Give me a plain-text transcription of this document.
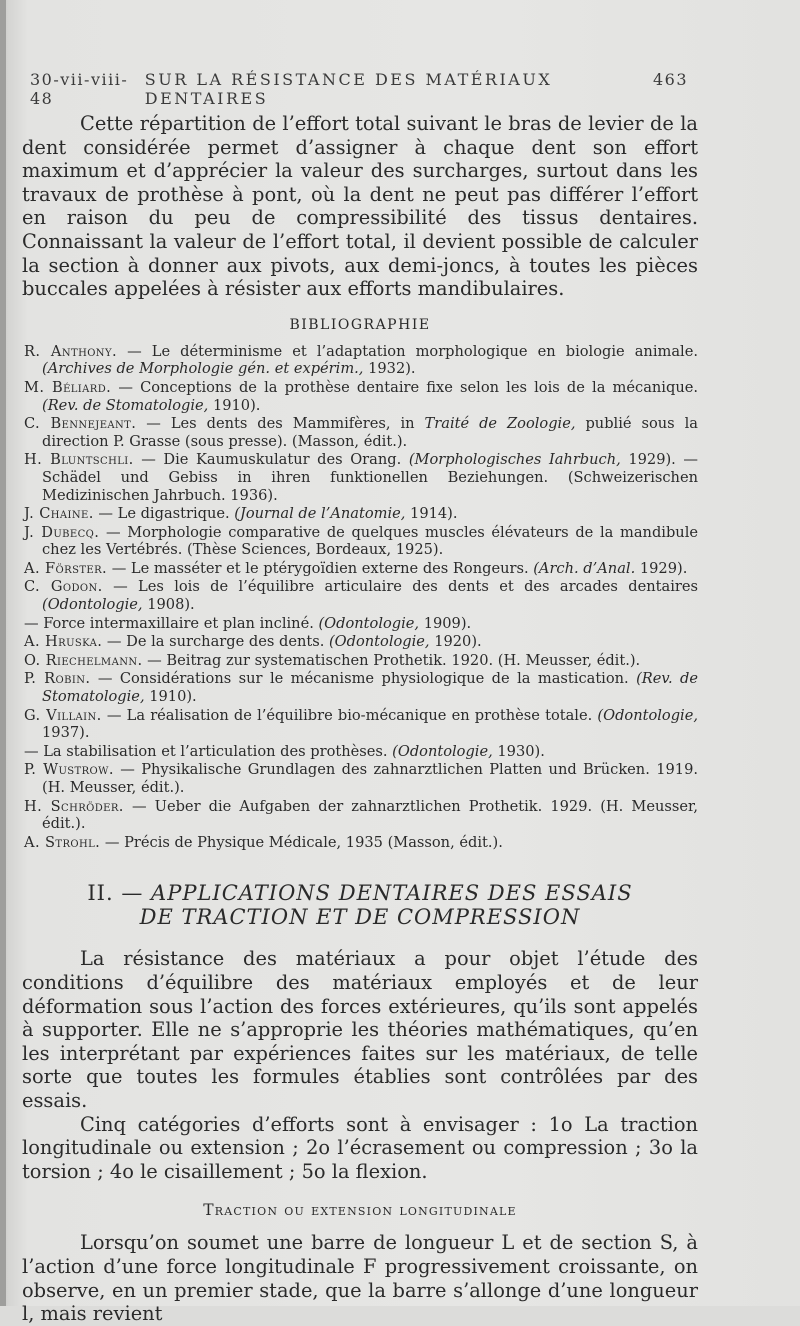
30-vii-viii-48
SUR LA RÉSISTANCE DES MATÉRIAUX DENTAIRES
463

Cette répartition de l’effort total suivant le bras de levier de la dent considérée permet d’assigner à chaque dent son effort maximum et d’apprécier la valeur des surcharges, surtout dans les travaux de prothèse à pont, où la dent ne peut pas différer l’effort en raison du peu de compressibilité des tissus dentaires. Connaissant la valeur de l’effort total, il devient possible de calculer la section à donner aux pivots, aux demi-joncs, à toutes les pièces buccales appelées à résister aux efforts mandibulaires.

BIBLIOGRAPHIE

R. Anthony. — Le déterminisme et l’adaptation morphologique en biologie animale. (Archives de Morphologie gén. et expérim., 1932).

M. Béliard. — Conceptions de la prothèse dentaire fixe selon les lois de la mécanique. (Rev. de Stomatologie, 1910).

C. Bennejeant. — Les dents des Mammifères, in Traité de Zoologie, publié sous la direction P. Grasse (sous presse). (Masson, édit.).

H. Bluntschli. — Die Kaumuskulatur des Orang. (Morphologisches Iahrbuch, 1929). — Schädel und Gebiss in ihren funktionellen Beziehungen. (Schweizerischen Medizinischen Jahrbuch. 1936).

J. Chaine. — Le digastrique. (Journal de l’Anatomie, 1914).

J. Dubecq. — Morphologie comparative de quelques muscles élévateurs de la mandibule chez les Vertébrés. (Thèse Sciences, Bordeaux, 1925).

A. Förster. — Le masséter et le ptérygoïdien externe des Rongeurs. (Arch. d’Anal. 1929).

C. Godon. — Les lois de l’équilibre articulaire des dents et des arcades dentaires (Odontologie, 1908).

— Force intermaxillaire et plan incliné. (Odontologie, 1909).

A. Hruska. — De la surcharge des dents. (Odontologie, 1920).

O. Riechelmann. — Beitrag zur systematischen Prothetik. 1920. (H. Meusser, édit.).

P. Robin. — Considérations sur le mécanisme physiologique de la mastication. (Rev. de Stomatologie, 1910).

G. Villain. — La réalisation de l’équilibre bio-mécanique en prothèse totale. (Odontologie, 1937).

— La stabilisation et l’articulation des prothèses. (Odontologie, 1930).

P. Wustrow. — Physikalische Grundlagen des zahnarztlichen Platten und Brücken. 1919. (H. Meusser, édit.).

H. Schröder. — Ueber die Aufgaben der zahnarztlichen Prothetik. 1929. (H. Meusser, édit.).

A. Strohl. — Précis de Physique Médicale, 1935 (Masson, édit.).

II. — APPLICATIONS DENTAIRES DES ESSAIS
DE TRACTION ET DE COMPRESSION

La résistance des matériaux a pour objet l’étude des conditions d’équilibre des matériaux employés et de leur déformation sous l’action des forces extérieures, qu’ils sont appelés à supporter. Elle ne s’approprie les théories mathématiques, qu’en les interprétant par expériences faites sur les matériaux, de telle sorte que toutes les formules établies sont contrôlées par des essais.

Cinq catégories d’efforts sont à envisager : 1o La traction longitudinale ou extension ; 2o l’écrasement ou compression ; 3o la torsion ; 4o le cisaillement ; 5o la flexion.

Traction ou extension longitudinale

Lorsqu’on soumet une barre de longueur L et de section S, à l’action d’une force longitudinale F progressivement croissante, on observe, en un premier stade, que la barre s’allonge d’une longueur l, mais revient
